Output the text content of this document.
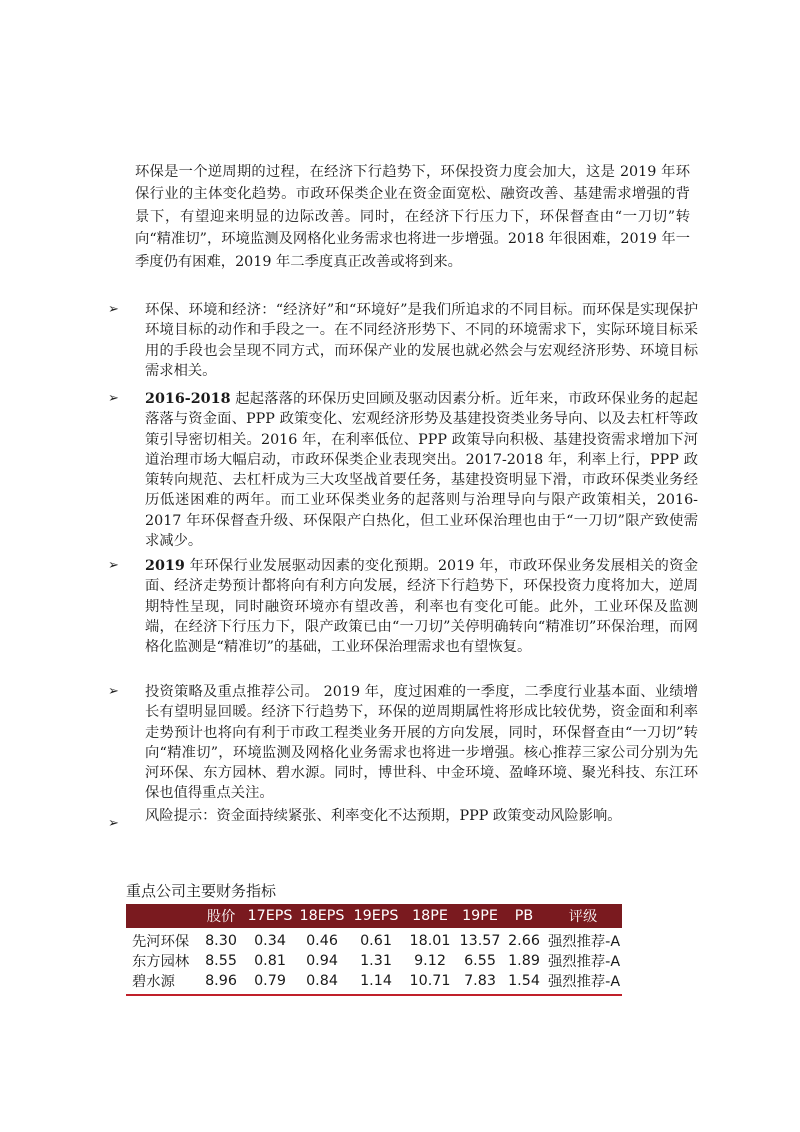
环保是一个逆周期的过程，在经济下行趋势下，环保投资力度会加大，这是 2019 年环保行业的主体变化趋势。市政环保类企业在资金面宽松、融资改善、基建需求增强的背景下，有望迎来明显的边际改善。同时，在经济下行压力下，环保督查由“一刀切”转向“精准切”，环境监测及网格化业务需求也将进一步增强。2018 年很困难，2019 年一季度仍有困难，2019 年二季度真正改善或将到来。

➢ 环保、环境和经济：“经济好”和“环境好”是我们所追求的不同目标。而环保是实现保护环境目标的动作和手段之一。在不同经济形势下、不同的环境需求下，实际环境目标采用的手段也会呈现不同方式，而环保产业的发展也就必然会与宏观经济形势、环境目标需求相关。
➢ 2016-2018 起起落落的环保历史回顾及驱动因素分析。近年来，市政环保业务的起起落落与资金面、PPP 政策变化、宏观经济形势及基建投资类业务导向、以及去杠杆等政策引导密切相关。2016 年，在利率低位、PPP 政策导向积极、基建投资需求增加下河道治理市场大幅启动，市政环保类企业表现突出。2017-2018 年，利率上行，PPP 政策转向规范、去杠杆成为三大攻坚战首要任务，基建投资明显下滑，市政环保类业务经历低迷困难的两年。而工业环保类业务的起落则与治理导向与限产政策相关，2016-2017 年环保督查升级、环保限产白热化，但工业环保治理也由于“一刀切”限产致使需求减少。
➢ 2019 年环保行业发展驱动因素的变化预期。2019 年，市政环保业务发展相关的资金面、经济走势预计都将向有利方向发展，经济下行趋势下，环保投资力度将加大，逆周期特性呈现，同时融资环境亦有望改善，利率也有变化可能。此外，工业环保及监测端，在经济下行压力下，限产政策已由“一刀切”关停明确转向“精准切”环保治理，而网格化监测是“精准切”的基础，工业环保治理需求也有望恢复。
➢ 投资策略及重点推荐公司。 2019 年，度过困难的一季度，二季度行业基本面、业绩增长有望明显回暖。经济下行趋势下，环保的逆周期属性将形成比较优势，资金面和利率走势预计也将向有利于市政工程类业务开展的方向发展，同时，环保督查由“一刀切”转向“精准切”，环境监测及网格化业务需求也将进一步增强。核心推荐三家公司分别为先河环保、东方园林、碧水源。同时，博世科、中金环境、盈峰环境、聚光科技、东江环保也值得重点关注。
➢ 风险提示：资金面持续紧张、利率变化不达预期，PPP 政策变动风险影响。
重点公司主要财务指标
	股价	17EPS	18EPS	19EPS	18PE	19PE	PB	评级
先河环保	8.30	0.34	0.46	0.61	18.01	13.57	2.66	强烈推荐-A
东方园林	8.55	0.81	0.94	1.31	9.12	6.55	1.89	强烈推荐-A
碧水源	8.96	0.79	0.84	1.14	10.71	7.83	1.54	强烈推荐-A
